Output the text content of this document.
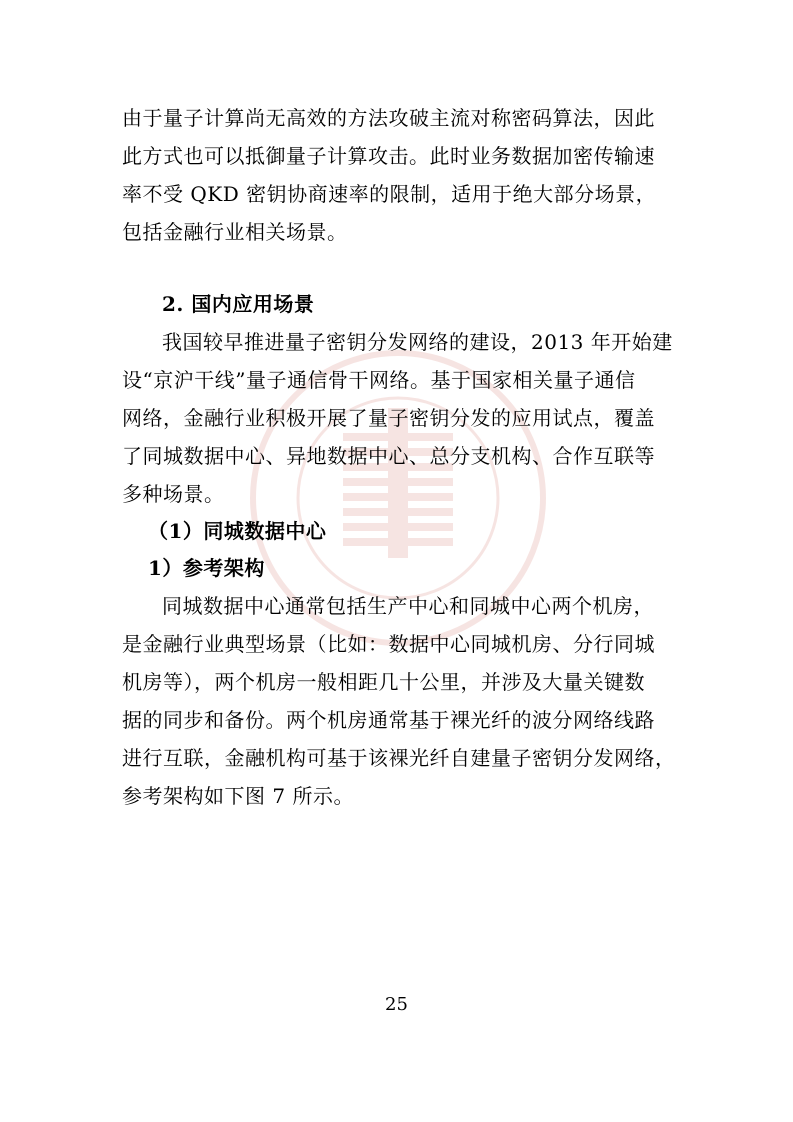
由于量子计算尚无高效的方法攻破主流对称密码算法，因此
此方式也可以抵御量子计算攻击。此时业务数据加密传输速
率不受 QKD 密钥协商速率的限制，适用于绝大部分场景，
包括金融行业相关场景。
2. 国内应用场景
我国较早推进量子密钥分发网络的建设，2013 年开始建
设“京沪干线”量子通信骨干网络。基于国家相关量子通信
网络，金融行业积极开展了量子密钥分发的应用试点，覆盖
了同城数据中心、异地数据中心、总分支机构、合作互联等
多种场景。
（1）同城数据中心
1）参考架构
同城数据中心通常包括生产中心和同城中心两个机房，
是金融行业典型场景（比如：数据中心同城机房、分行同城
机房等），两个机房一般相距几十公里，并涉及大量关键数
据的同步和备份。两个机房通常基于裸光纤的波分网络线路
进行互联，金融机构可基于该裸光纤自建量子密钥分发网络，
参考架构如下图 7 所示。
25
